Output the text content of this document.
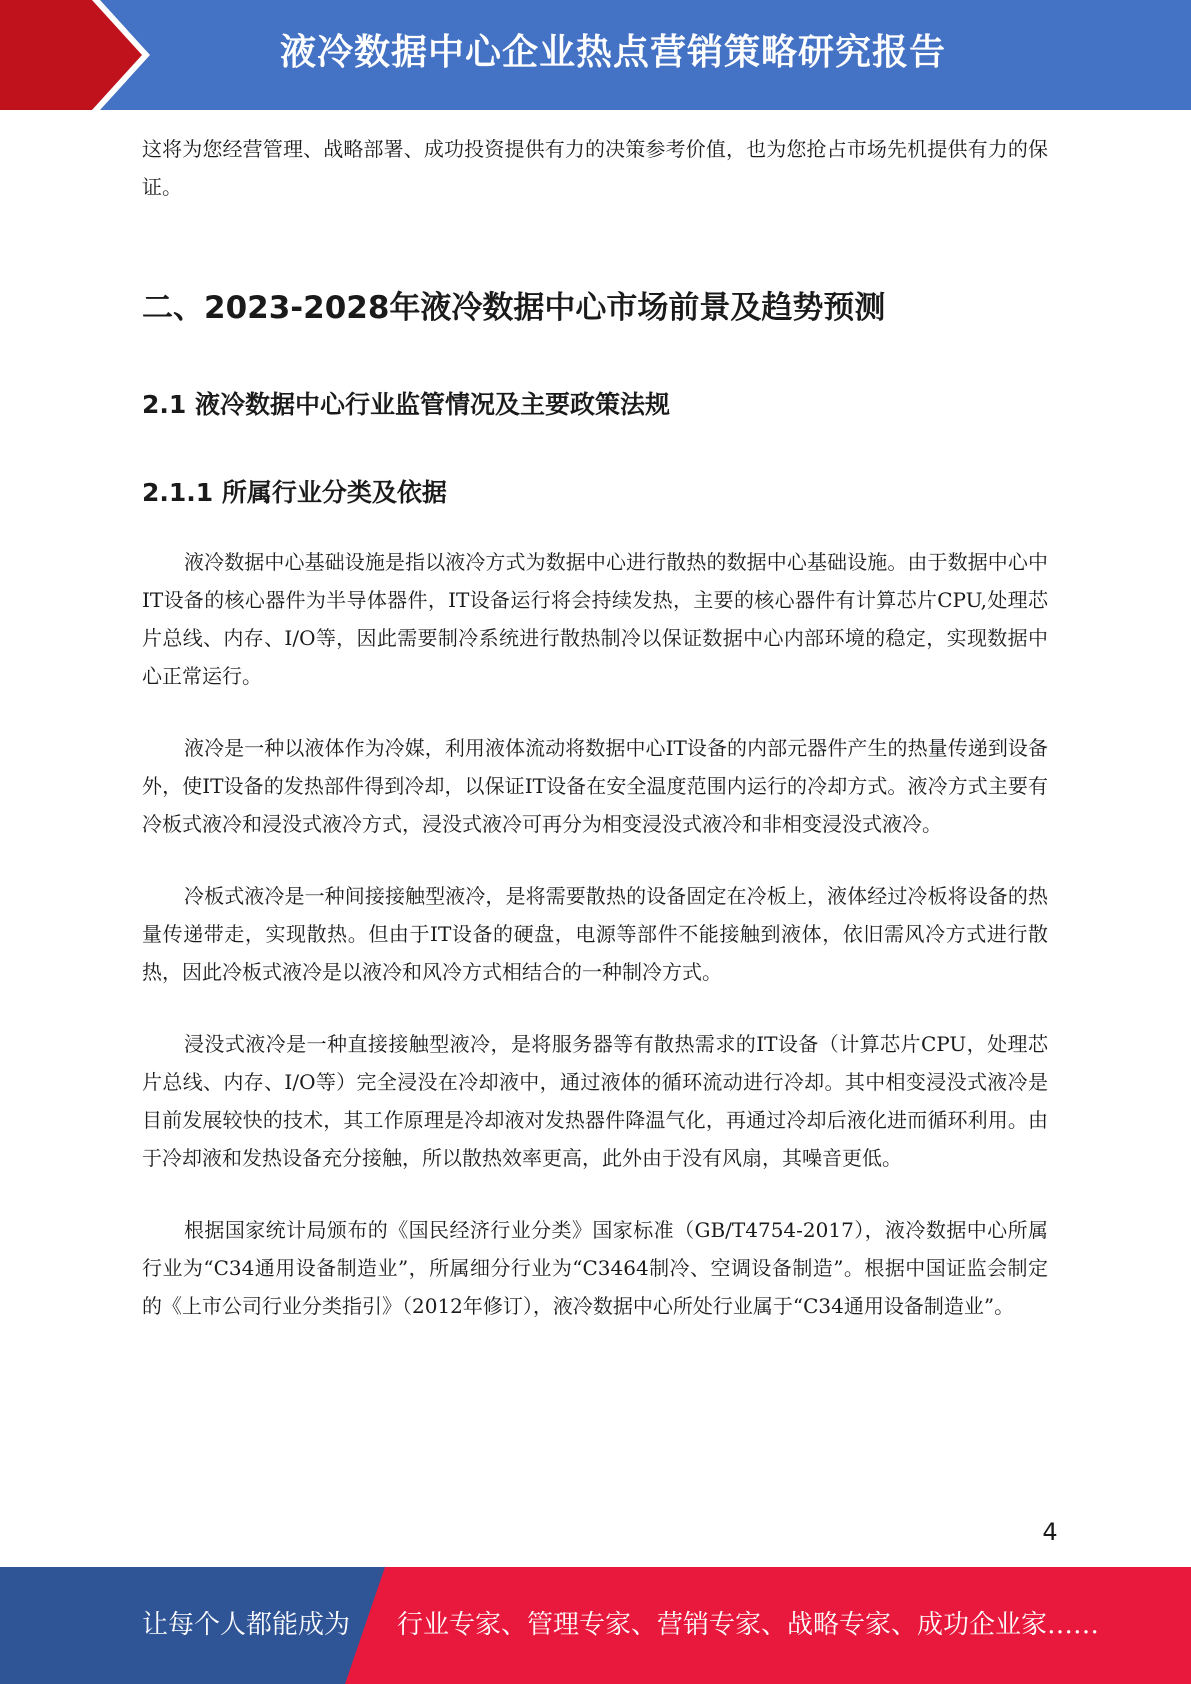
液冷数据中心企业热点营销策略研究报告

这将为您经营管理、战略部署、成功投资提供有力的决策参考价值，也为您抢占市场先机提供有力的保证。

二、2023-2028年液冷数据中心市场前景及趋势预测
2.1 液冷数据中心行业监管情况及主要政策法规
2.1.1 所属行业分类及依据

液冷数据中心基础设施是指以液冷方式为数据中心进行散热的数据中心基础设施。由于数据中心中IT设备的核心器件为半导体器件，IT设备运行将会持续发热，主要的核心器件有计算芯片CPU,处理芯片总线、内存、I/O等，因此需要制冷系统进行散热制冷以保证数据中心内部环境的稳定，实现数据中心正常运行。

液冷是一种以液体作为冷媒，利用液体流动将数据中心IT设备的内部元器件产生的热量传递到设备外，使IT设备的发热部件得到冷却，以保证IT设备在安全温度范围内运行的冷却方式。液冷方式主要有冷板式液冷和浸没式液冷方式，浸没式液冷可再分为相变浸没式液冷和非相变浸没式液冷。

冷板式液冷是一种间接接触型液冷，是将需要散热的设备固定在冷板上，液体经过冷板将设备的热量传递带走，实现散热。但由于IT设备的硬盘，电源等部件不能接触到液体，依旧需风冷方式进行散热，因此冷板式液冷是以液冷和风冷方式相结合的一种制冷方式。

浸没式液冷是一种直接接触型液冷，是将服务器等有散热需求的IT设备（计算芯片CPU，处理芯片总线、内存、I/O等）完全浸没在冷却液中，通过液体的循环流动进行冷却。其中相变浸没式液冷是目前发展较快的技术，其工作原理是冷却液对发热器件降温气化，再通过冷却后液化进而循环利用。由于冷却液和发热设备充分接触，所以散热效率更高，此外由于没有风扇，其噪音更低。

根据国家统计局颁布的《国民经济行业分类》国家标准（GB/T4754-2017），液冷数据中心所属行业为“C34通用设备制造业”，所属细分行业为“C3464制冷、空调设备制造”。根据中国证监会制定的《上市公司行业分类指引》（2012年修订），液冷数据中心所处行业属于“C34通用设备制造业”。

4
让每个人都能成为 行业专家、管理专家、营销专家、战略专家、成功企业家……
